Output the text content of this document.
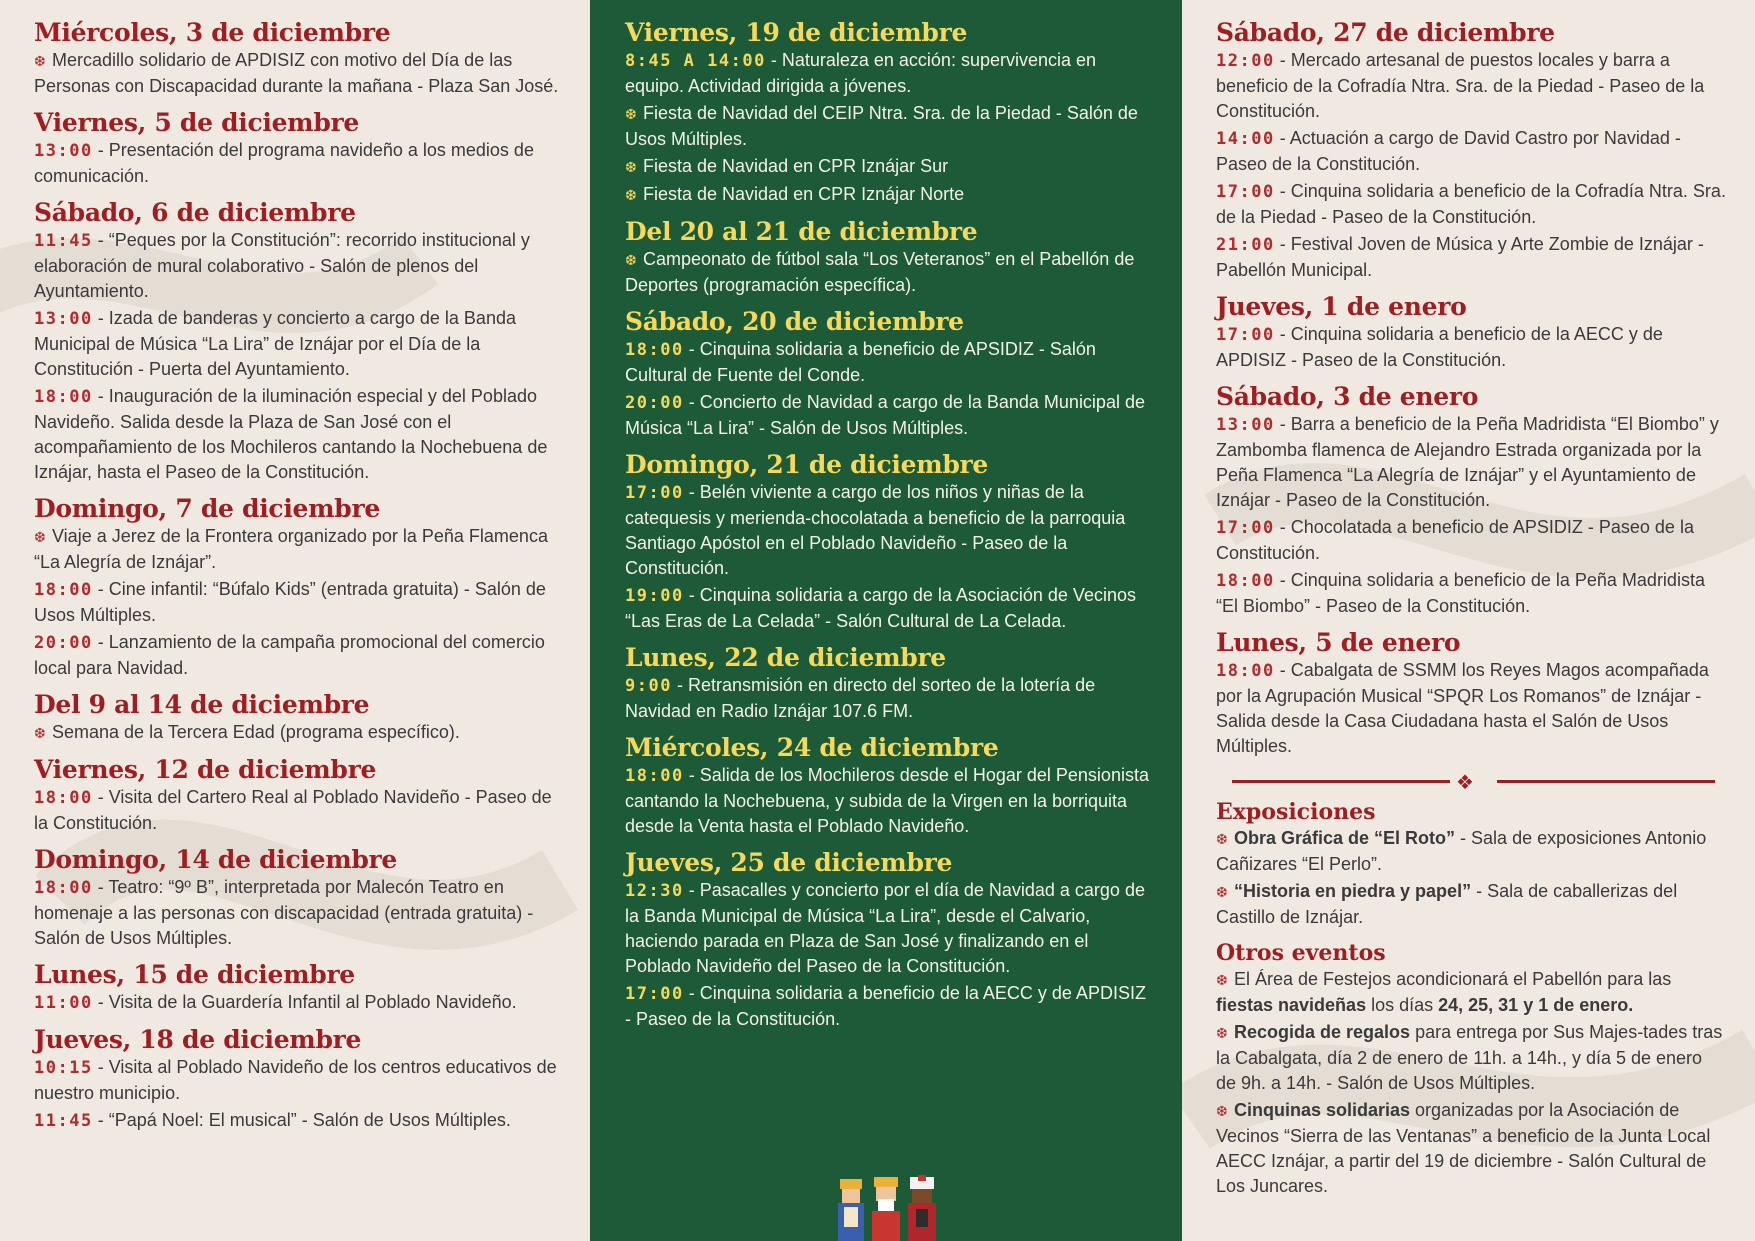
Miércoles, 3 de diciembre

❆ Mercadillo solidario de APDISIZ con motivo del Día de las Personas con Discapacidad durante la mañana - Plaza San José.

Viernes, 5 de diciembre

13:00 - Presentación del programa navideño a los medios de comunicación.

Sábado, 6 de diciembre

11:45 - “Peques por la Constitución”: recorrido institucional y elaboración de mural colaborativo - Salón de plenos del Ayuntamiento.

13:00 - Izada de banderas y concierto a cargo de la Banda Municipal de Música “La Lira” de Iznájar por el Día de la Constitución - Puerta del Ayuntamiento.

18:00 - Inauguración de la iluminación especial y del Poblado Navideño. Salida desde la Plaza de San José con el acompañamiento de los Mochileros cantando la Nochebuena de Iznájar, hasta el Paseo de la Constitución.

Domingo, 7 de diciembre

❆ Viaje a Jerez de la Frontera organizado por la Peña Flamenca “La Alegría de Iznájar”.

18:00 - Cine infantil: “Búfalo Kids” (entrada gratuita) - Salón de Usos Múltiples.

20:00 - Lanzamiento de la campaña promocional del comercio local para Navidad.

Del 9 al 14 de diciembre

❆ Semana de la Tercera Edad (programa específico).

Viernes, 12 de diciembre

18:00 - Visita del Cartero Real al Poblado Navideño - Paseo de la Constitución.

Domingo, 14 de diciembre

18:00 - Teatro: “9º B”, interpretada por Malecón Teatro en homenaje a las personas con discapacidad (entrada gratuita) - Salón de Usos Múltiples.

Lunes, 15 de diciembre

11:00 - Visita de la Guardería Infantil al Poblado Navideño.

Jueves, 18 de diciembre

10:15 - Visita al Poblado Navideño de los centros educativos de nuestro municipio.

11:45 - “Papá Noel: El musical” - Salón de Usos Múltiples.

Viernes, 19 de diciembre

8:45 A 14:00 - Naturaleza en acción: supervivencia en equipo. Actividad dirigida a jóvenes.

❆ Fiesta de Navidad del CEIP Ntra. Sra. de la Piedad - Salón de Usos Múltiples.

❆ Fiesta de Navidad en CPR Iznájar Sur

❆ Fiesta de Navidad en CPR Iznájar Norte

Del 20 al 21 de diciembre

❆ Campeonato de fútbol sala “Los Veteranos” en el Pabellón de Deportes (programación específica).

Sábado, 20 de diciembre

18:00 - Cinquina solidaria a beneficio de APSIDIZ - Salón Cultural de Fuente del Conde.

20:00 - Concierto de Navidad a cargo de la Banda Municipal de Música “La Lira” - Salón de Usos Múltiples.

Domingo, 21 de diciembre

17:00 - Belén viviente a cargo de los niños y niñas de la catequesis y merienda-chocolatada a beneficio de la parroquia Santiago Apóstol en el Poblado Navideño - Paseo de la Constitución.

19:00 - Cinquina solidaria a cargo de la Asociación de Vecinos “Las Eras de La Celada” - Salón Cultural de La Celada.

Lunes, 22 de diciembre

9:00 - Retransmisión en directo del sorteo de la lotería de Navidad en Radio Iznájar 107.6 FM.

Miércoles, 24 de diciembre

18:00 - Salida de los Mochileros desde el Hogar del Pensionista cantando la Nochebuena, y subida de la Virgen en la borriquita desde la Venta hasta el Poblado Navideño.

Jueves, 25 de diciembre

12:30 - Pasacalles y concierto por el día de Navidad a cargo de la Banda Municipal de Música “La Lira”, desde el Calvario, haciendo parada en Plaza de San José y finalizando en el Poblado Navideño del Paseo de la Constitución.

17:00 - Cinquina solidaria a beneficio de la AECC y de APDISIZ - Paseo de la Constitución.

Sábado, 27 de diciembre

12:00 - Mercado artesanal de puestos locales y barra a beneficio de la Cofradía Ntra. Sra. de la Piedad - Paseo de la Constitución.

14:00 - Actuación a cargo de David Castro por Navidad - Paseo de la Constitución.

17:00 - Cinquina solidaria a beneficio de la Cofradía Ntra. Sra. de la Piedad - Paseo de la Constitución.

21:00 - Festival Joven de Música y Arte Zombie de Iznájar - Pabellón Municipal.

Jueves, 1 de enero

17:00 - Cinquina solidaria a beneficio de la AECC y de APDISIZ - Paseo de la Constitución.

Sábado, 3 de enero

13:00 - Barra a beneficio de la Peña Madridista “El Biombo” y Zambomba flamenca de Alejandro Estrada organizada por la Peña Flamenca “La Alegría de Iznájar” y el Ayuntamiento de Iznájar - Paseo de la Constitución.

17:00 - Chocolatada a beneficio de APSIDIZ - Paseo de la Constitución.

18:00 - Cinquina solidaria a beneficio de la Peña Madridista “El Biombo” - Paseo de la Constitución.

Lunes, 5 de enero

18:00 - Cabalgata de SSMM los Reyes Magos acompañada por la Agrupación Musical “SPQR Los Romanos” de Iznájar - Salida desde la Casa Ciudadana hasta el Salón de Usos Múltiples.

❖

Exposiciones

❆ Obra Gráfica de “El Roto” - Sala de exposiciones Antonio Cañizares “El Perlo”.

❆ “Historia en piedra y papel” - Sala de caballerizas del Castillo de Iznájar.

Otros eventos

❆ El Área de Festejos acondicionará el Pabellón para las fiestas navideñas los días 24, 25, 31 y 1 de enero.

❆ Recogida de regalos para entrega por Sus Majes-tades tras la Cabalgata, día 2 de enero de 11h. a 14h., y día 5 de enero de 9h. a 14h. - Salón de Usos Múltiples.

❆ Cinquinas solidarias organizadas por la Asociación de Vecinos “Sierra de las Ventanas” a beneficio de la Junta Local AECC Iznájar, a partir del 19 de diciembre - Salón Cultural de Los Juncares.
